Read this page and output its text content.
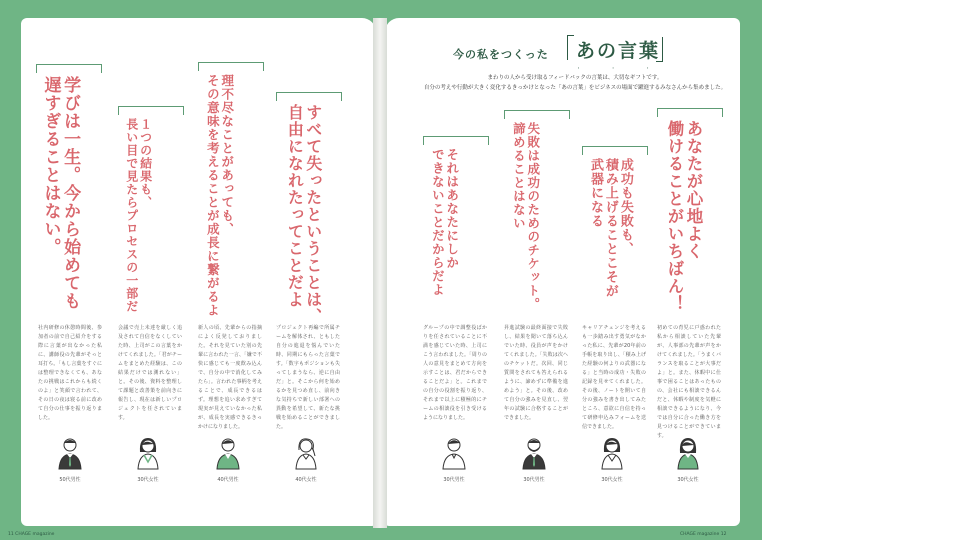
今の私をつくった あの言葉
・ ・ ・
まわりの人から受け取るフィードバックの言葉は、大切なギフトです。
自分の考えや行動が大きく変化するきっかけとなった「あの言葉」をビジネスの場面で躍進するみなさんから集めました。
学びは一生。今から始めても
遅すぎることはない。
社内研修の休憩時間後、参加者の前で自己紹介をする際に言葉が出なかった私に、講師役の先輩がそっと耳打ち。「もし言葉をすぐには整理できなくても、あなたの挑戦はこれからも続くのよ」と笑顔で言われて、その日の夜は寝る前に改めて自分の仕事を振り返りました。
50代男性
１つの結果も、
長い目で見たらプロセスの一部だ
会議で売上未達を厳しく追及されて自信をなくしていた時、上司がこの言葉をかけてくれました。「君がチームをまとめた経験は、この結果だけでは測れない」と。その後、資料を整理して課題と改善策を前向きに報告し、現在は新しいプロジェクトを任されています。
30代女性
理不尽なことがあっても、
その意味を考えることが成長に繋がるよ
新人の頃、先輩からの指摘によく反発しておりました。それを見ていた別の先輩に言われた一言、「嫌で不快に感じても一度飲み込んで、自分の中で消化してみたら」。言われた事柄を考えることで、成長できるはず。理想を追い求めすぎて現実が見えていなかった私が、成長を実感できるきっかけになりました。
40代男性
すべて失ったということは、
自由になれたってことだよ
プロジェクト再編で所属チームを解体され、ともした自分の進退を悩んでいた時、同期にもらった言葉です。「数字もポジションも失ってしまうなら、逆に自由だ」と。そこから何を始めるかを見つめ直し、前向きな気持ちで新しい部署への異動を希望して、新たな挑戦を始めることができました。
40代女性
それはあなたにしか
できないことだからだよ
グループの中で調整役ばかりを任されていることに不満を感じていた時、上司にこう言われました。「周りの人の意見をまとめて方向を示すことは、君だからできることだよ」と。これまでの自分の役割を振り返り、それまで以上に積極的にチームの相談役を引き受けるようになりました。
30代男性
失敗は成功のためのチケット。
諦めることはない
昇進試験の最終面接で失敗し、結果を聞いて落ち込んでいた時、役員が声をかけてくれました。「失敗は次へのチケットだ。次回、同じ質問をされても答えられるように、諦めずに準備を進めよう」と。その後、改めて自分の強みを見直し、翌年の試験に合格することができました。
30代男性
成功も失敗も、
積み上げることこそが
武器になる
キャリアチェンジを考えるも一歩踏み出す勇気がなかった私に、先輩が20年前の手帳を取り出し、「積み上げた経験の何よりの武器になる」と当時の成功・失敗の記録を見せてくれました。その後、ノートを開いて自分の強みを書き出してみたところ、意欲に自信を持って研修申込みフォームを送信できました。
30代女性
あなたが心地よく
働けることがいちばん！
初めての育児に戸惑われた私から相談していた先輩が、人事部の先輩が声をかけてくれました。「うまくバランスを取ることが大事だよ」と。また、休暇中に仕事で困ることはあったものの、会社にも相談できるんだと、休暇や制度を気軽に相談できるようになり、今では自分に合った働き方を見つけることができています。
30代女性
11 CHAGE magazine	CHAGE magazine 12
